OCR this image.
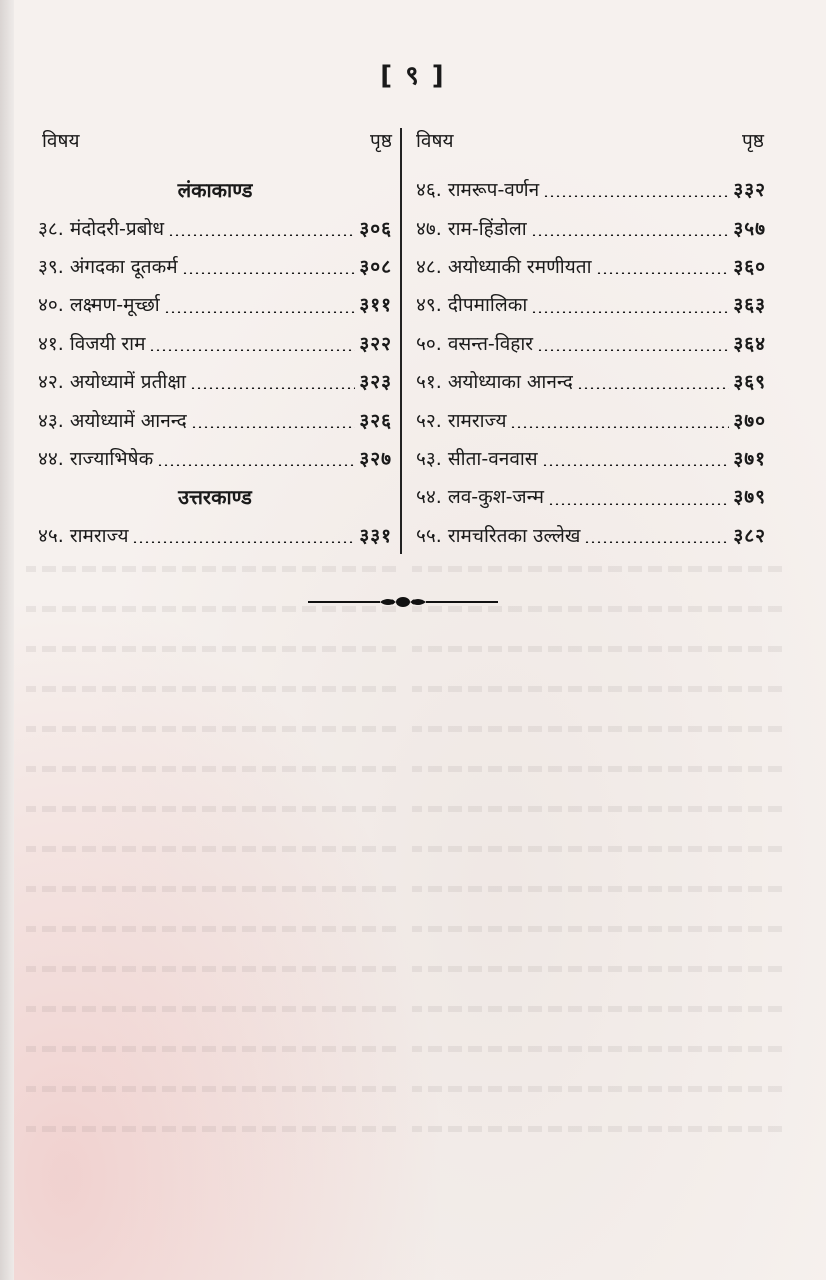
[ ९ ]
विषय	पृष्ठ विषय	पृष्ठ
लंकाकाण्ड
३८. मंदोदरी-प्रबोध	३०६
३९. अंगदका दूतकर्म	३०८
४०. लक्ष्मण-मूर्च्छा	३११
४१. विजयी राम	३२२
४२. अयोध्यामें प्रतीक्षा	३२३
४३. अयोध्यामें आनन्द	३२६
४४. राज्याभिषेक	३२७
उत्तरकाण्ड
४५. रामराज्य	३३१
४६. रामरूप-वर्णन	३३२
४७. राम-हिंडोला	३५७
४८. अयोध्याकी रमणीयता	३६०
४९. दीपमालिका	३६३
५०. वसन्त-विहार	३६४
५१. अयोध्याका आनन्द	३६९
५२. रामराज्य	३७०
५३. सीता-वनवास	३७१
५४. लव-कुश-जन्म	३७९
५५. रामचरितका उल्लेख	३८२
